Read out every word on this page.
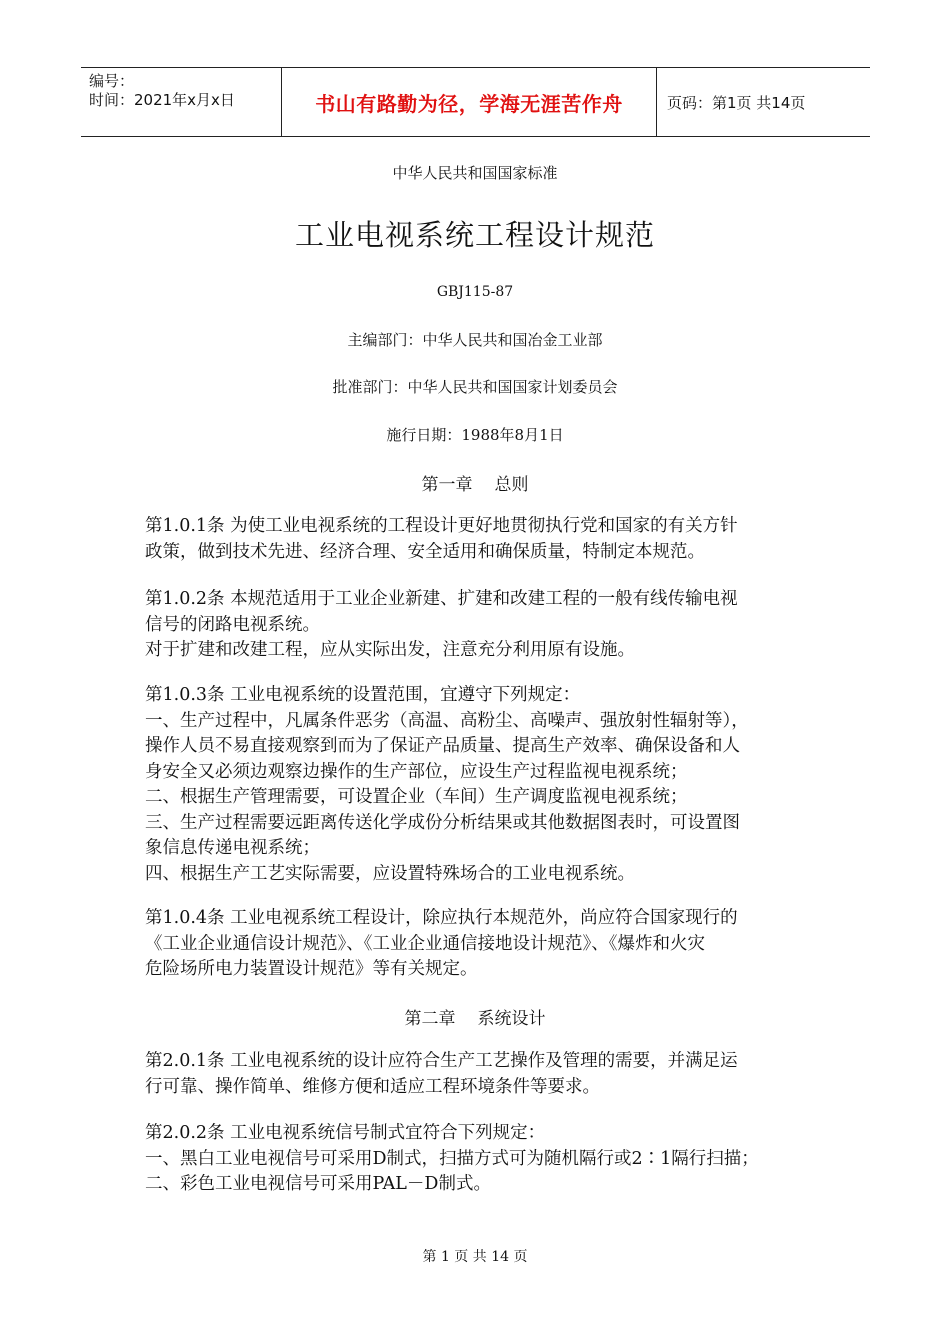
编号：
时间：2021年x月x日	书山有路勤为径，学海无涯苦作舟	页码：第1页 共14页
中华人民共和国国家标准
工业电视系统工程设计规范
GBJ115-87
主编部门：中华人民共和国冶金工业部
批准部门：中华人民共和国国家计划委员会
施行日期：1988年8月1日
第一章 总则
第1.0.1条 为使工业电视系统的工程设计更好地贯彻执行党和国家的有关方针
政策，做到技术先进、经济合理、安全适用和确保质量，特制定本规范。
第1.0.2条 本规范适用于工业企业新建、扩建和改建工程的一般有线传输电视
信号的闭路电视系统。
对于扩建和改建工程，应从实际出发，注意充分利用原有设施。
第1.0.3条 工业电视系统的设置范围，宜遵守下列规定：
一、生产过程中，凡属条件恶劣（高温、高粉尘、高噪声、强放射性辐射等），
操作人员不易直接观察到而为了保证产品质量、提高生产效率、确保设备和人
身安全又必须边观察边操作的生产部位，应设生产过程监视电视系统；
二、根据生产管理需要，可设置企业（车间）生产调度监视电视系统；
三、生产过程需要远距离传送化学成份分析结果或其他数据图表时，可设置图
象信息传递电视系统；
四、根据生产工艺实际需要，应设置特殊场合的工业电视系统。
第1.0.4条 工业电视系统工程设计，除应执行本规范外，尚应符合国家现行的
《工业企业通信设计规范》、《工业企业通信接地设计规范》、《爆炸和火灾
危险场所电力装置设计规范》等有关规定。
第二章 系统设计
第2.0.1条 工业电视系统的设计应符合生产工艺操作及管理的需要，并满足运
行可靠、操作简单、维修方便和适应工程环境条件等要求。
第2.0.2条 工业电视系统信号制式宜符合下列规定：
一、黑白工业电视信号可采用D制式，扫描方式可为随机隔行或2∶1隔行扫描；
二、彩色工业电视信号可采用PAL－D制式。
第 1 页 共 14 页
